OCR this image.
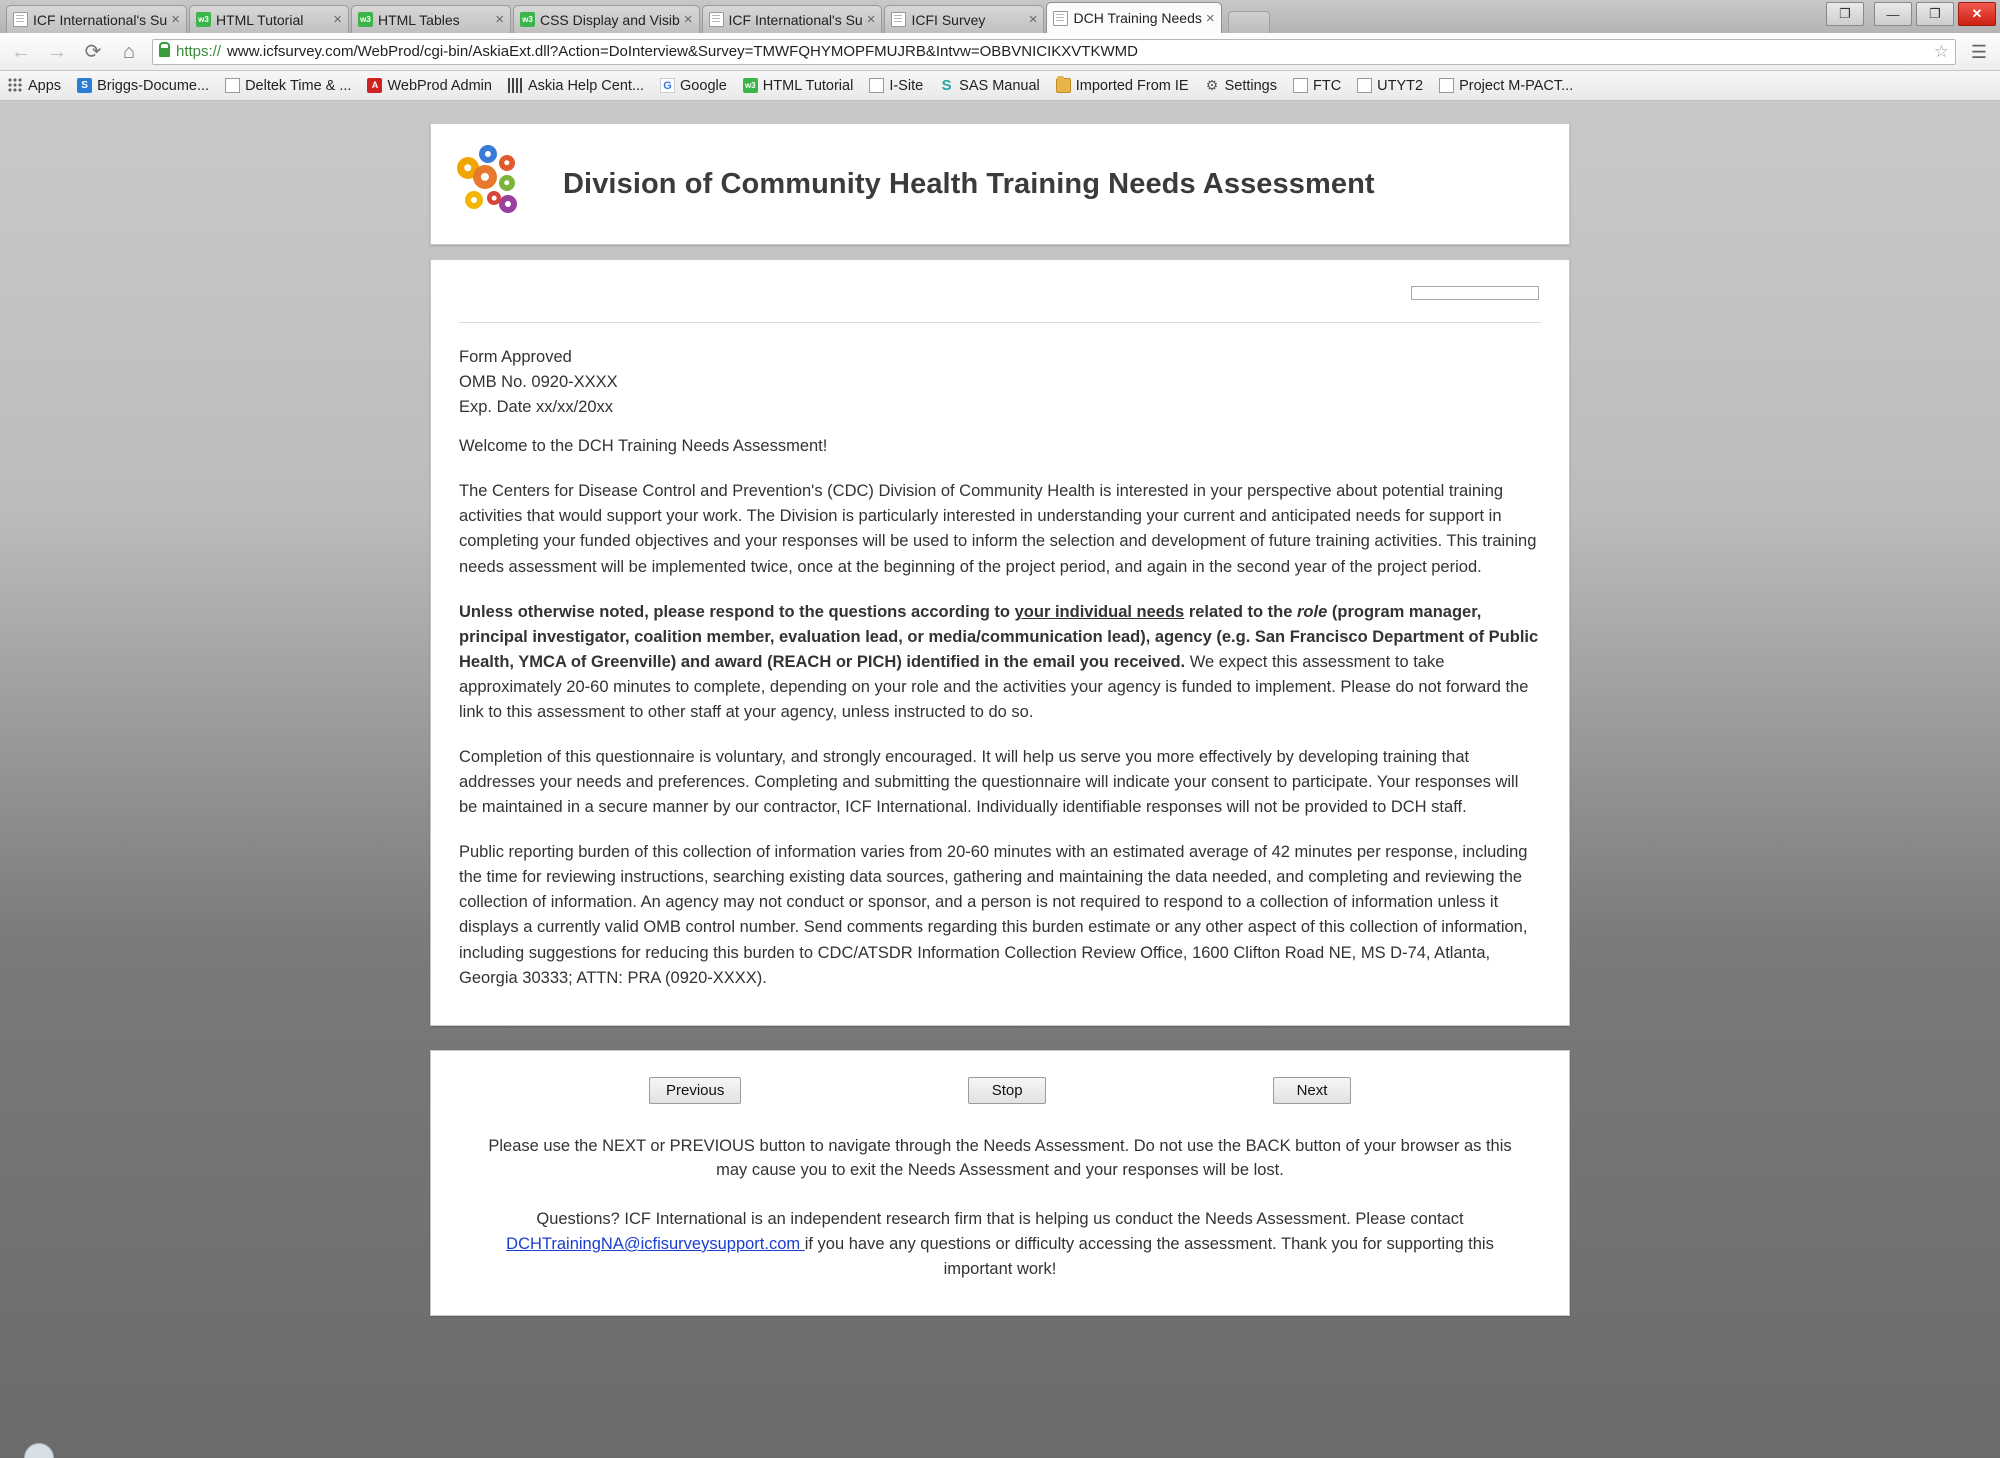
ICF International's Su × w3 HTML Tutorial	× w3 HTML Tables	× w3 CSS Display and Visib ×	ICF International's Su ×	ICFI Survey	×	DCH Training Needs ×	❐	—	❐	✕
← → ⟳	⌂	https:// www.icfsurvey.com/WebProd/cgi-bin/AskiaExt.dll?Action=DoInterview&Survey=TMWFQHYMOPFMUJRB&Intvw=OBBVNICIKXVTKWMD	☆ ☰
Apps	S Briggs-Docume... Deltek Time & ...	A WebProd Admin Askia Help Cent... G Google w3 HTML Tutorial I-Site S SAS Manual Imported From IE ⚙ Settings FTC UTYT2 Project M-PACT...
Division of Community Health Training Needs Assessment

Form Approved
OMB No. 0920-XXXX
Exp. Date xx/xx/20xx

Welcome to the DCH Training Needs Assessment!

The Centers for Disease Control and Prevention's (CDC) Division of Community Health is interested in your perspective about potential training activities that would support your work. The Division is particularly interested in understanding your current and anticipated needs for support in completing your funded objectives and your responses will be used to inform the selection and development of future training activities. This training needs assessment will be implemented twice, once at the beginning of the project period, and again in the second year of the project period.

Unless otherwise noted, please respond to the questions according to your individual needs related to the role (program manager, principal investigator, coalition member, evaluation lead, or media/communication lead), agency (e.g. San Francisco Department of Public Health, YMCA of Greenville) and award (REACH or PICH) identified in the email you received. We expect this assessment to take approximately 20-60 minutes to complete, depending on your role and the activities your agency is funded to implement. Please do not forward the link to this assessment to other staff at your agency, unless instructed to do so.

Completion of this questionnaire is voluntary, and strongly encouraged. It will help us serve you more effectively by developing training that addresses your needs and preferences. Completing and submitting the questionnaire will indicate your consent to participate. Your responses will be maintained in a secure manner by our contractor, ICF International. Individually identifiable responses will not be provided to DCH staff.

Public reporting burden of this collection of information varies from 20-60 minutes with an estimated average of 42 minutes per response, including the time for reviewing instructions, searching existing data sources, gathering and maintaining the data needed, and completing and reviewing the collection of information. An agency may not conduct or sponsor, and a person is not required to respond to a collection of information unless it displays a currently valid OMB control number. Send comments regarding this burden estimate or any other aspect of this collection of information, including suggestions for reducing this burden to CDC/ATSDR Information Collection Review Office, 1600 Clifton Road NE, MS D-74, Atlanta, Georgia 30333; ATTN: PRA (0920-XXXX).

Previous	Stop	Next

Please use the NEXT or PREVIOUS button to navigate through the Needs Assessment. Do not use the BACK button of your browser as this may cause you to exit the Needs Assessment and your responses will be lost.

Questions? ICF International is an independent research firm that is helping us conduct the Needs Assessment. Please contact DCHTrainingNA@icfisurveysupport.com if you have any questions or difficulty accessing the assessment. Thank you for supporting this important work!
